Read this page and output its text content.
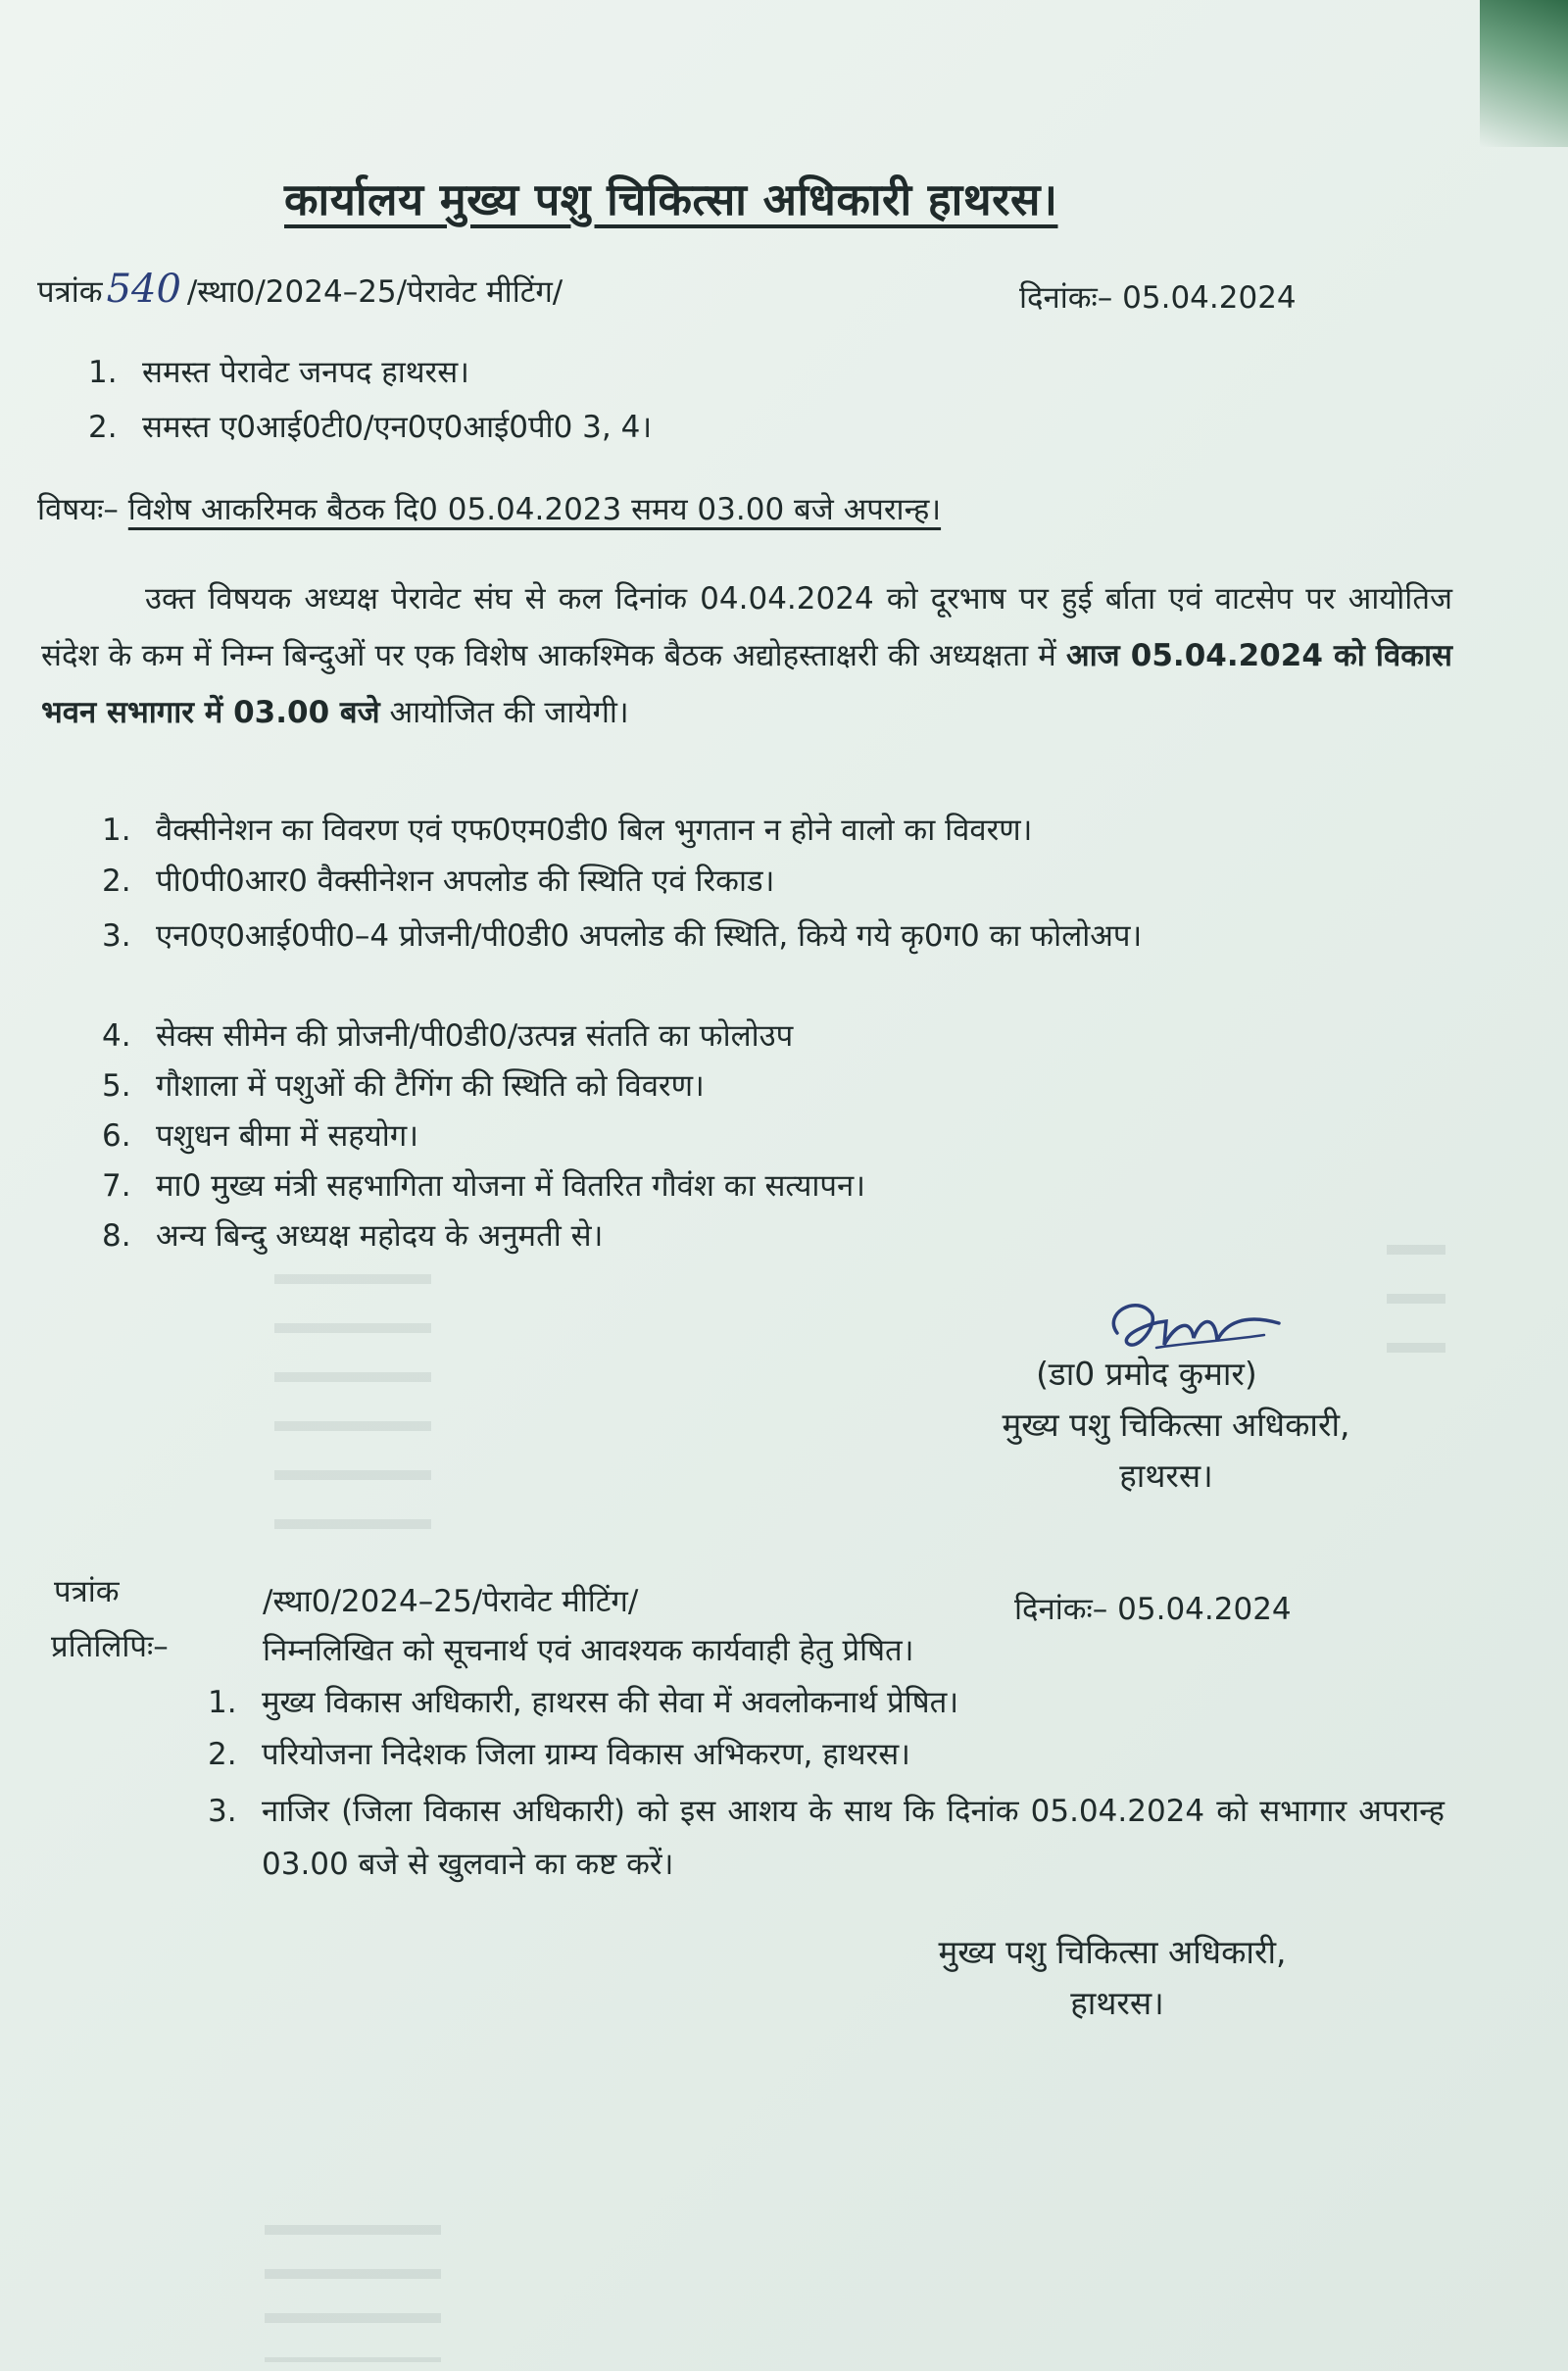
कार्यालय मुख्य पशु चिकित्सा अधिकारी हाथरस।
पत्रांक 540 /स्था0/2024–25/पेरावेट मीटिंग/	दिनांकः– 05.04.2024
1. समस्त पेरावेट जनपद हाथरस।
2. समस्त ए0आई0टी0/एन0ए0आई0पी0 3, 4।
विषयः– विशेष आकरिमक बैठक दि0 05.04.2023 समय 03.00 बजे अपरान्ह।
उक्त विषयक अध्यक्ष पेरावेट संघ से कल दिनांक 04.04.2024 को दूरभाष पर हुई र्बाता एवं वाटसेप पर आयोतिज संदेश के कम में निम्न बिन्दुओं पर एक विशेष आकश्मिक बैठक अद्योहस्ताक्षरी की अध्यक्षता में आज 05.04.2024 को विकास भवन सभागार में 03.00 बजे आयोजित की जायेगी।
1. वैक्सीनेशन का विवरण एवं एफ0एम0डी0 बिल भुगतान न होने वालो का विवरण।
2. पी0पी0आर0 वैक्सीनेशन अपलोड की स्थिति एवं रिकाड।
3. एन0ए0आई0पी0–4 प्रोजनी/पी0डी0 अपलोड की स्थिति, किये गये कृ0ग0 का फोलोअप।
4. सेक्स सीमेन की प्रोजनी/पी0डी0/उत्पन्न संतति का फोलोउप
5. गौशाला में पशुओं की टैगिंग की स्थिति को विवरण।
6. पशुधन बीमा में सहयोग।
7. मा0 मुख्य मंत्री सहभागिता योजना में वितरित गौवंश का सत्यापन।
8. अन्य बिन्दु अध्यक्ष महोदय के अनुमती से।
(डा0 प्रमोद कुमार)
मुख्य पशु चिकित्सा अधिकारी,
हाथरस।
पत्रांक	/स्था0/2024–25/पेरावेट मीटिंग/	दिनांकः– 05.04.2024
प्रतिलिपिः–	निम्नलिखित को सूचनार्थ एवं आवश्यक कार्यवाही हेतु प्रेषित।
1. मुख्य विकास अधिकारी, हाथरस की सेवा में अवलोकनार्थ प्रेषित।
2. परियोजना निदेशक जिला ग्राम्य विकास अभिकरण, हाथरस।
3. नाजिर (जिला विकास अधिकारी) को इस आशय के साथ कि दिनांक 05.04.2024 को सभागार अपरान्ह 03.00 बजे से खुलवाने का कष्ट करें।
मुख्य पशु चिकित्सा अधिकारी,
हाथरस।
